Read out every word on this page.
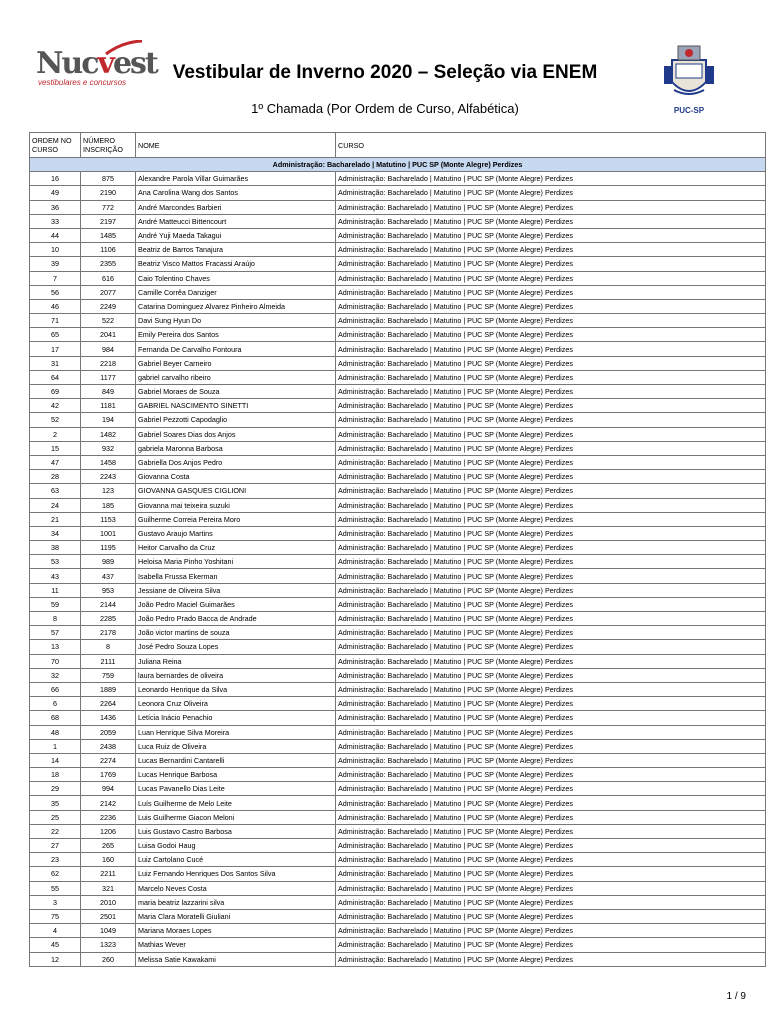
Nucvest
vestibulares e concursos	Vestibular de Inverno 2020 – Seleção via ENEM
1º Chamada (Por Ordem de Curso, Alfabética)	PUC-SP
ORDEM NO CURSO	NÚMERO INSCRIÇÃO	NOME	CURSO
Administração: Bacharelado | Matutino | PUC SP (Monte Alegre) Perdizes			
16	875	Alexandre Parola Villar Guimarães	Administração: Bacharelado | Matutino | PUC SP (Monte Alegre) Perdizes
49	2190	Ana Carolina Wang dos Santos	Administração: Bacharelado | Matutino | PUC SP (Monte Alegre) Perdizes
36	772	André Marcondes Barbieri	Administração: Bacharelado | Matutino | PUC SP (Monte Alegre) Perdizes
33	2197	André Matteucci Bittencourt	Administração: Bacharelado | Matutino | PUC SP (Monte Alegre) Perdizes
44	1485	André Yuji Maeda Takagui	Administração: Bacharelado | Matutino | PUC SP (Monte Alegre) Perdizes
10	1106	Beatriz de Barros Tanajura	Administração: Bacharelado | Matutino | PUC SP (Monte Alegre) Perdizes
39	2355	Beatriz Visco Mattos Fracassi Araújo	Administração: Bacharelado | Matutino | PUC SP (Monte Alegre) Perdizes
7	616	Caio Tolentino Chaves	Administração: Bacharelado | Matutino | PUC SP (Monte Alegre) Perdizes
56	2077	Camille Corrêa Danziger	Administração: Bacharelado | Matutino | PUC SP (Monte Alegre) Perdizes
46	2249	Catarina Dominguez Alvarez Pinheiro Almeida	Administração: Bacharelado | Matutino | PUC SP (Monte Alegre) Perdizes
71	522	Davi Sung Hyun Do	Administração: Bacharelado | Matutino | PUC SP (Monte Alegre) Perdizes
65	2041	Emily Pereira dos Santos	Administração: Bacharelado | Matutino | PUC SP (Monte Alegre) Perdizes
17	984	Fernanda De Carvalho Fontoura	Administração: Bacharelado | Matutino | PUC SP (Monte Alegre) Perdizes
31	2218	Gabriel Beyer Carneiro	Administração: Bacharelado | Matutino | PUC SP (Monte Alegre) Perdizes
64	1177	gabriel carvalho ribeiro	Administração: Bacharelado | Matutino | PUC SP (Monte Alegre) Perdizes
69	849	Gabriel Moraes de Souza	Administração: Bacharelado | Matutino | PUC SP (Monte Alegre) Perdizes
42	1181	GABRIEL NASCIMENTO SINETTI	Administração: Bacharelado | Matutino | PUC SP (Monte Alegre) Perdizes
52	194	Gabriel Pezzotti Capodaglio	Administração: Bacharelado | Matutino | PUC SP (Monte Alegre) Perdizes
2	1482	Gabriel Soares Dias dos Anjos	Administração: Bacharelado | Matutino | PUC SP (Monte Alegre) Perdizes
15	932	gabriela Maronna Barbosa	Administração: Bacharelado | Matutino | PUC SP (Monte Alegre) Perdizes
47	1458	Gabriella Dos Anjos Pedro	Administração: Bacharelado | Matutino | PUC SP (Monte Alegre) Perdizes
28	2243	Giovanna Costa	Administração: Bacharelado | Matutino | PUC SP (Monte Alegre) Perdizes
63	123	GIOVANNA GASQUES CIGLIONI	Administração: Bacharelado | Matutino | PUC SP (Monte Alegre) Perdizes
24	185	Giovanna mai teixeira suzuki	Administração: Bacharelado | Matutino | PUC SP (Monte Alegre) Perdizes
21	1153	Guilherme Correia Pereira Moro	Administração: Bacharelado | Matutino | PUC SP (Monte Alegre) Perdizes
34	1001	Gustavo Araujo Martins	Administração: Bacharelado | Matutino | PUC SP (Monte Alegre) Perdizes
38	1195	Heitor Carvalho da Cruz	Administração: Bacharelado | Matutino | PUC SP (Monte Alegre) Perdizes
53	989	Heloisa Maria Pinho Yoshitani	Administração: Bacharelado | Matutino | PUC SP (Monte Alegre) Perdizes
43	437	Isabella Frussa Ekerman	Administração: Bacharelado | Matutino | PUC SP (Monte Alegre) Perdizes
11	953	Jessiane de Oliveira Silva	Administração: Bacharelado | Matutino | PUC SP (Monte Alegre) Perdizes
59	2144	João Pedro Maciel Guimarães	Administração: Bacharelado | Matutino | PUC SP (Monte Alegre) Perdizes
8	2285	João Pedro Prado Bacca de Andrade	Administração: Bacharelado | Matutino | PUC SP (Monte Alegre) Perdizes
57	2178	João victor martins de souza	Administração: Bacharelado | Matutino | PUC SP (Monte Alegre) Perdizes
13	8	José Pedro Souza Lopes	Administração: Bacharelado | Matutino | PUC SP (Monte Alegre) Perdizes
70	2111	Juliana Reina	Administração: Bacharelado | Matutino | PUC SP (Monte Alegre) Perdizes
32	759	laura bernardes de oliveira	Administração: Bacharelado | Matutino | PUC SP (Monte Alegre) Perdizes
66	1889	Leonardo Henrique da Silva	Administração: Bacharelado | Matutino | PUC SP (Monte Alegre) Perdizes
6	2264	Leonora Cruz Oliveira	Administração: Bacharelado | Matutino | PUC SP (Monte Alegre) Perdizes
68	1436	Letícia Inácio Penachio	Administração: Bacharelado | Matutino | PUC SP (Monte Alegre) Perdizes
48	2059	Luan Henrique Silva Moreira	Administração: Bacharelado | Matutino | PUC SP (Monte Alegre) Perdizes
1	2438	Luca Ruiz de Oliveira	Administração: Bacharelado | Matutino | PUC SP (Monte Alegre) Perdizes
14	2274	Lucas Bernardini Cantarelli	Administração: Bacharelado | Matutino | PUC SP (Monte Alegre) Perdizes
18	1769	Lucas Henrique Barbosa	Administração: Bacharelado | Matutino | PUC SP (Monte Alegre) Perdizes
29	994	Lucas Pavanello Dias Leite	Administração: Bacharelado | Matutino | PUC SP (Monte Alegre) Perdizes
35	2142	Luís Guilherme de Melo Leite	Administração: Bacharelado | Matutino | PUC SP (Monte Alegre) Perdizes
25	2236	Luis Guilherme Giacon Meloni	Administração: Bacharelado | Matutino | PUC SP (Monte Alegre) Perdizes
22	1206	Luis Gustavo Castro Barbosa	Administração: Bacharelado | Matutino | PUC SP (Monte Alegre) Perdizes
27	265	Luisa Godoi Haug	Administração: Bacharelado | Matutino | PUC SP (Monte Alegre) Perdizes
23	160	Luiz Cartolano Cucé	Administração: Bacharelado | Matutino | PUC SP (Monte Alegre) Perdizes
62	2211	Luiz Fernando Henriques Dos Santos Silva	Administração: Bacharelado | Matutino | PUC SP (Monte Alegre) Perdizes
55	321	Marcelo Neves Costa	Administração: Bacharelado | Matutino | PUC SP (Monte Alegre) Perdizes
3	2010	maria beatriz lazzarini silva	Administração: Bacharelado | Matutino | PUC SP (Monte Alegre) Perdizes
75	2501	Maria Clara Moratelli Giuliani	Administração: Bacharelado | Matutino | PUC SP (Monte Alegre) Perdizes
4	1049	Mariana Moraes Lopes	Administração: Bacharelado | Matutino | PUC SP (Monte Alegre) Perdizes
45	1323	Mathias Wever	Administração: Bacharelado | Matutino | PUC SP (Monte Alegre) Perdizes
12	260	Melissa Satie Kawakami	Administração: Bacharelado | Matutino | PUC SP (Monte Alegre) Perdizes
1 / 9
